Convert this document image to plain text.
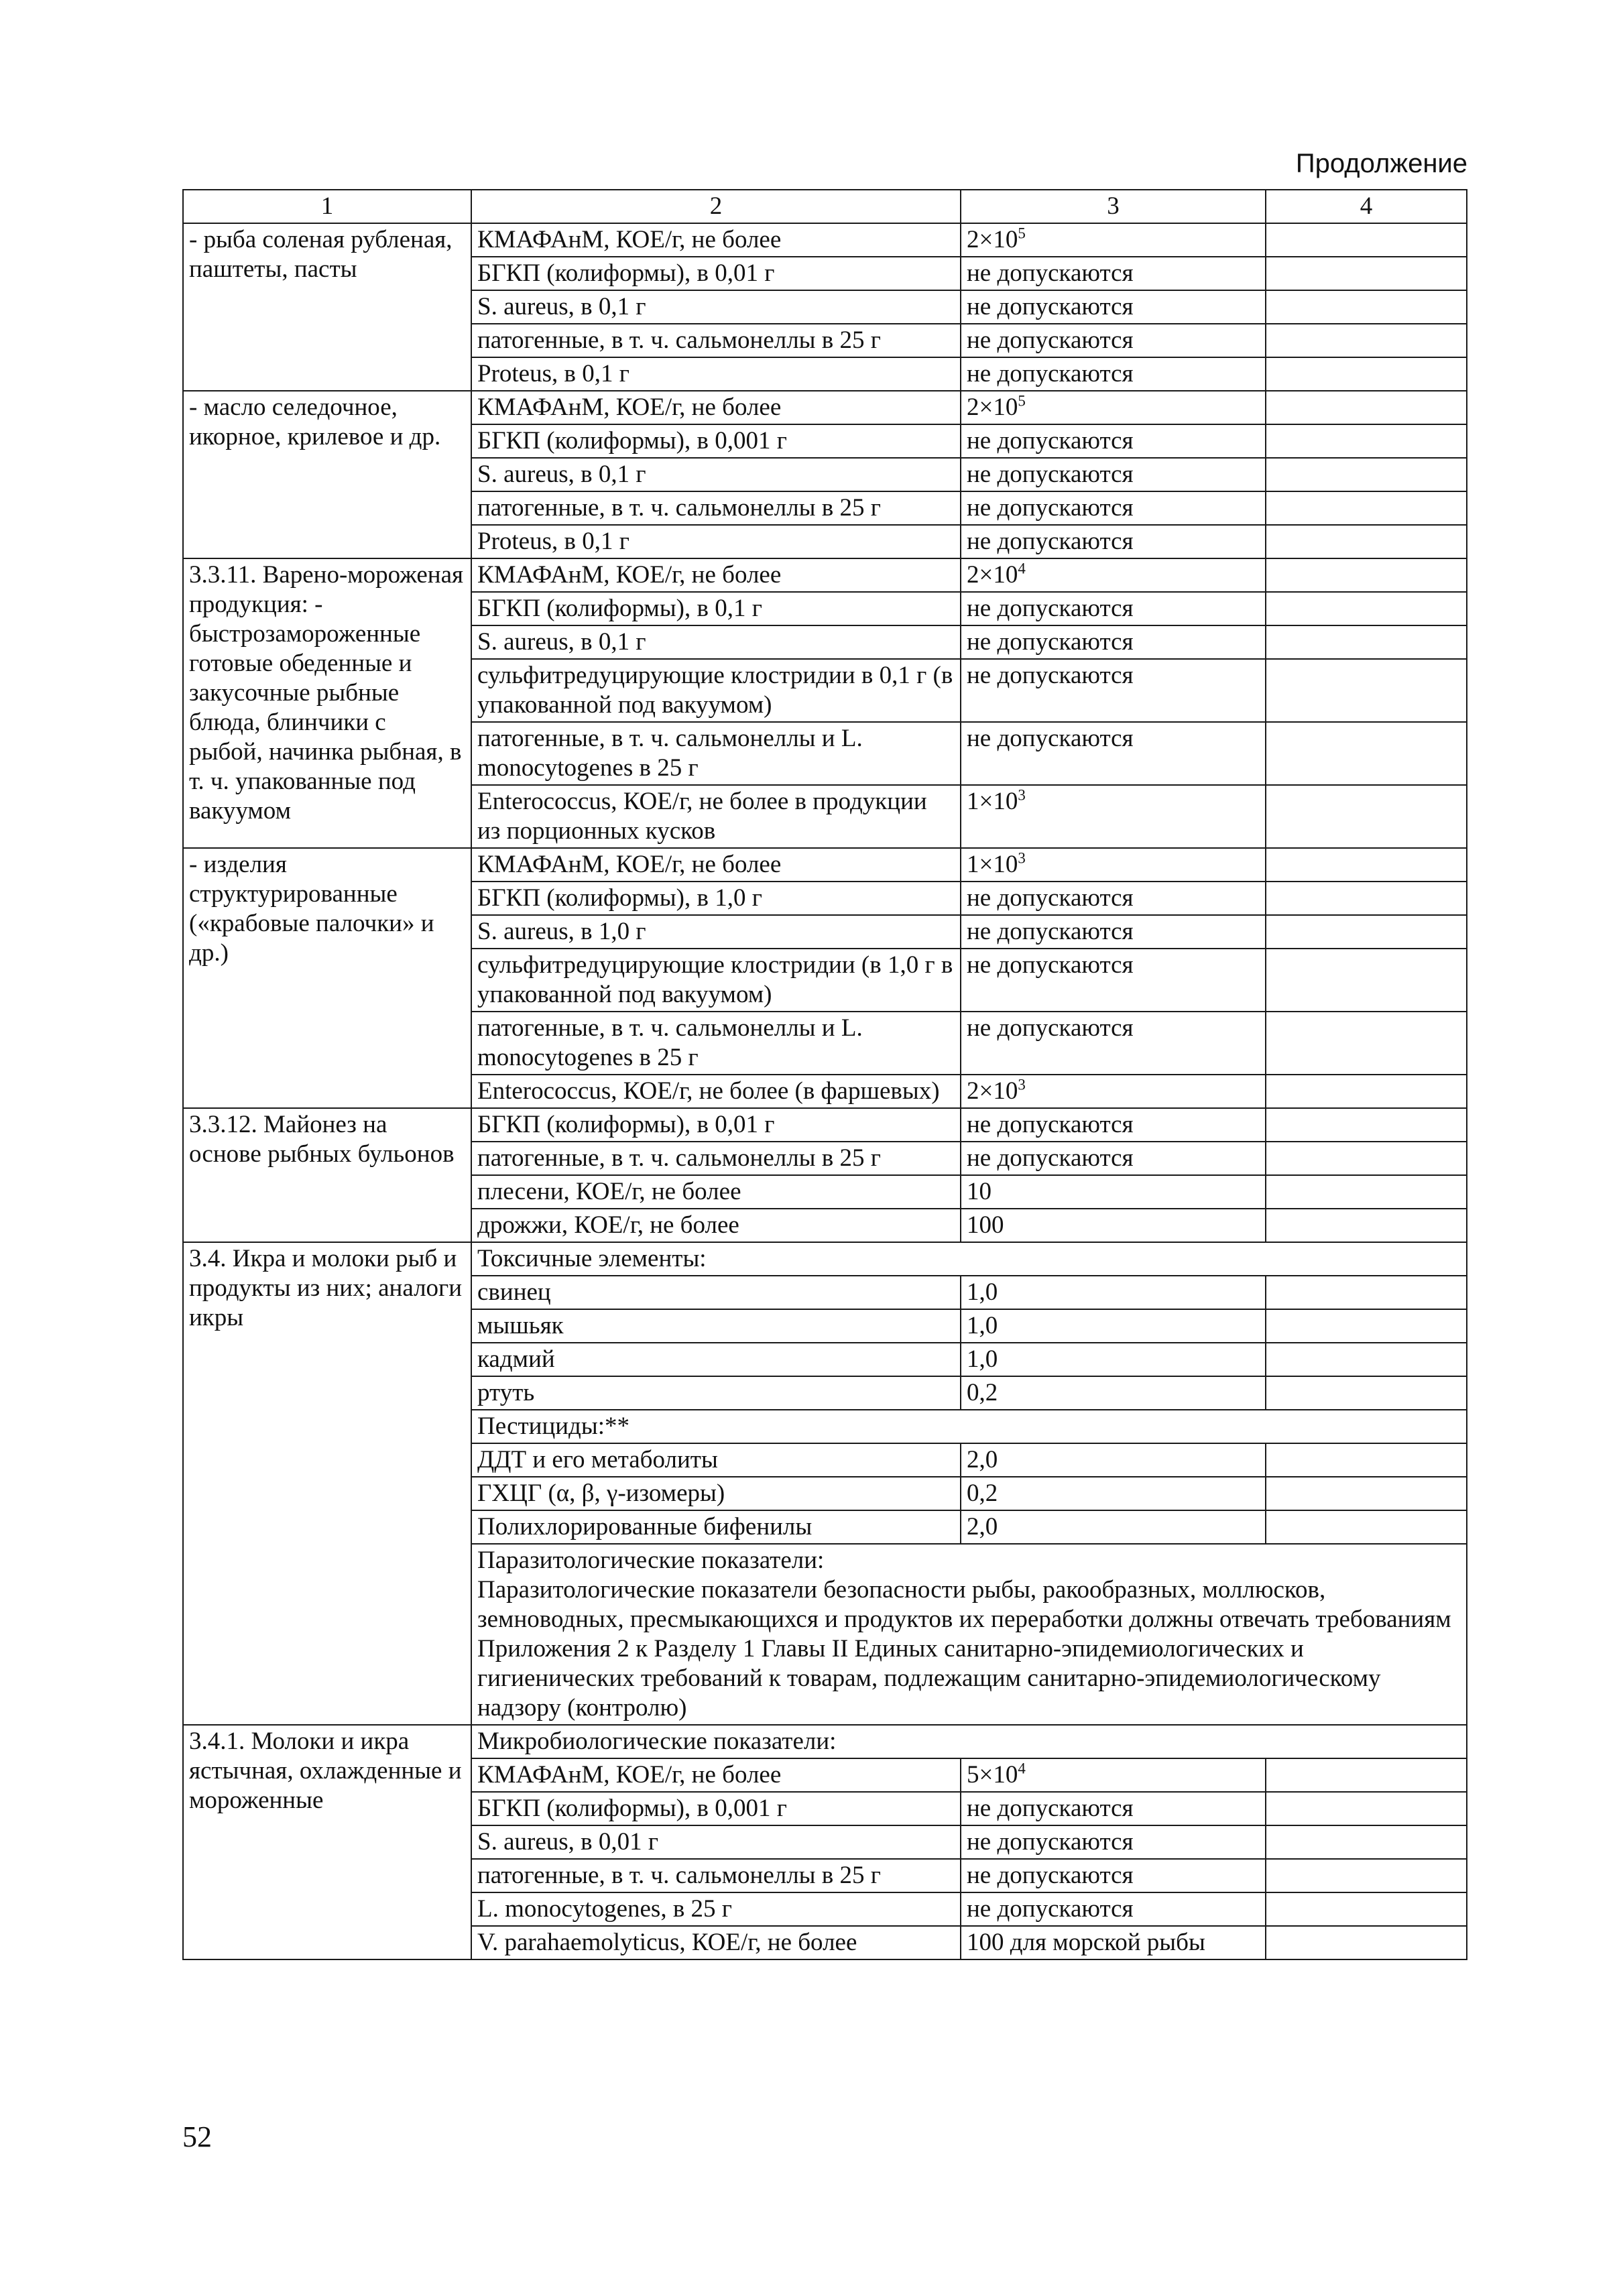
Продолжение
1	2	3	4
- рыба соленая рубленая, паштеты, пасты	КМАФАнМ, КОЕ/г, не более	$2\times 10^5$	
	БГКП (колиформы), в 0,01 г	не допускаются	
	S. aureus, в 0,1 г	не допускаются	
	патогенные, в т. ч. сальмонеллы в 25 г	не допускаются	
	Proteus, в 0,1 г	не допускаются	
- масло селедочное, икорное, крилевое и др.	КМАФАнМ, КОЕ/г, не более	$2\times 10^5$	
	БГКП (колиформы), в 0,001 г	не допускаются	
	S. aureus, в 0,1 г	не допускаются	
	патогенные, в т. ч. сальмонеллы в 25 г	не допускаются	
	Proteus, в 0,1 г	не допускаются	
3.3.11. Варено-мороженая продукция: - быстрозамороженные готовые обеденные и закусочные рыбные блюда, блинчики с рыбой, начинка рыбная, в т. ч. упакованные под вакуумом	КМАФАнМ, КОЕ/г, не более	$2\times 10^4$	
	БГКП (колиформы), в 0,1 г	не допускаются	
	S. aureus, в 0,1 г	не допускаются	
	сульфитредуцирующие клостридии в 0,1 г (в упакованной под вакуумом)	не допускаются	
	патогенные, в т. ч. сальмонеллы и L. monocytogenes в 25 г	не допускаются	
	Enterococcus, КОЕ/г, не более в продукции из порционных кусков	$1\times 10^3$	
- изделия структурированные («крабовые палочки» и др.)	КМАФАнМ, КОЕ/г, не более	$1\times 10^3$	
	БГКП (колиформы), в 1,0 г	не допускаются	
	S. aureus, в 1,0 г	не допускаются	
	сульфитредуцирующие клостридии (в 1,0 г в упакованной под вакуумом)	не допускаются	
	патогенные, в т. ч. сальмонеллы и L. monocytogenes в 25 г	не допускаются	
	Enterococcus, КОЕ/г, не более (в фаршевых)	$2\times 10^3$	
3.3.12. Майонез на основе рыбных бульонов	БГКП (колиформы), в 0,01 г	не допускаются	
	патогенные, в т. ч. сальмонеллы в 25 г	не допускаются	
	плесени, КОЕ/г, не более	10	
	дрожжи, КОЕ/г, не более	100	
3.4. Икра и молоки рыб и продукты из них; аналоги икры	Токсичные элементы:		

	свинец	1,0	
	мышьяк	1,0	
	кадмий	1,0	
	ртуть	0,2	

	Пестициды:**		

	ДДТ и его метаболиты	2,0	
	ГХЦГ (α, β, γ-изомеры)	0,2	
	Полихлорированные бифенилы	2,0	

	Паразитологические показатели:
Паразитологические показатели безопасности рыбы, ракообразных, моллюсков, земноводных, пресмыкающихся и продуктов их переработки должны отвечать требованиям Приложения 2 к Разделу 1 Главы II Единых санитарно-эпидемиологических и гигиенических требований к товарам, подлежащим санитарно-эпидемиологическому надзору (контролю)		

3.4.1. Молоки и икра ястычная, охлажденные и мороженные	Микробиологические показатели:		

	КМАФАнМ, КОЕ/г, не более	$5\times 10^4$	
	БГКП (колиформы), в 0,001 г	не допускаются	
	S. aureus, в 0,01 г	не допускаются	
	патогенные, в т. ч. сальмонеллы в 25 г	не допускаются	
	L. monocytogenes, в 25 г	не допускаются	
	V. parahaemolyticus, КОЕ/г, не более	100 для морской рыбы	
52
